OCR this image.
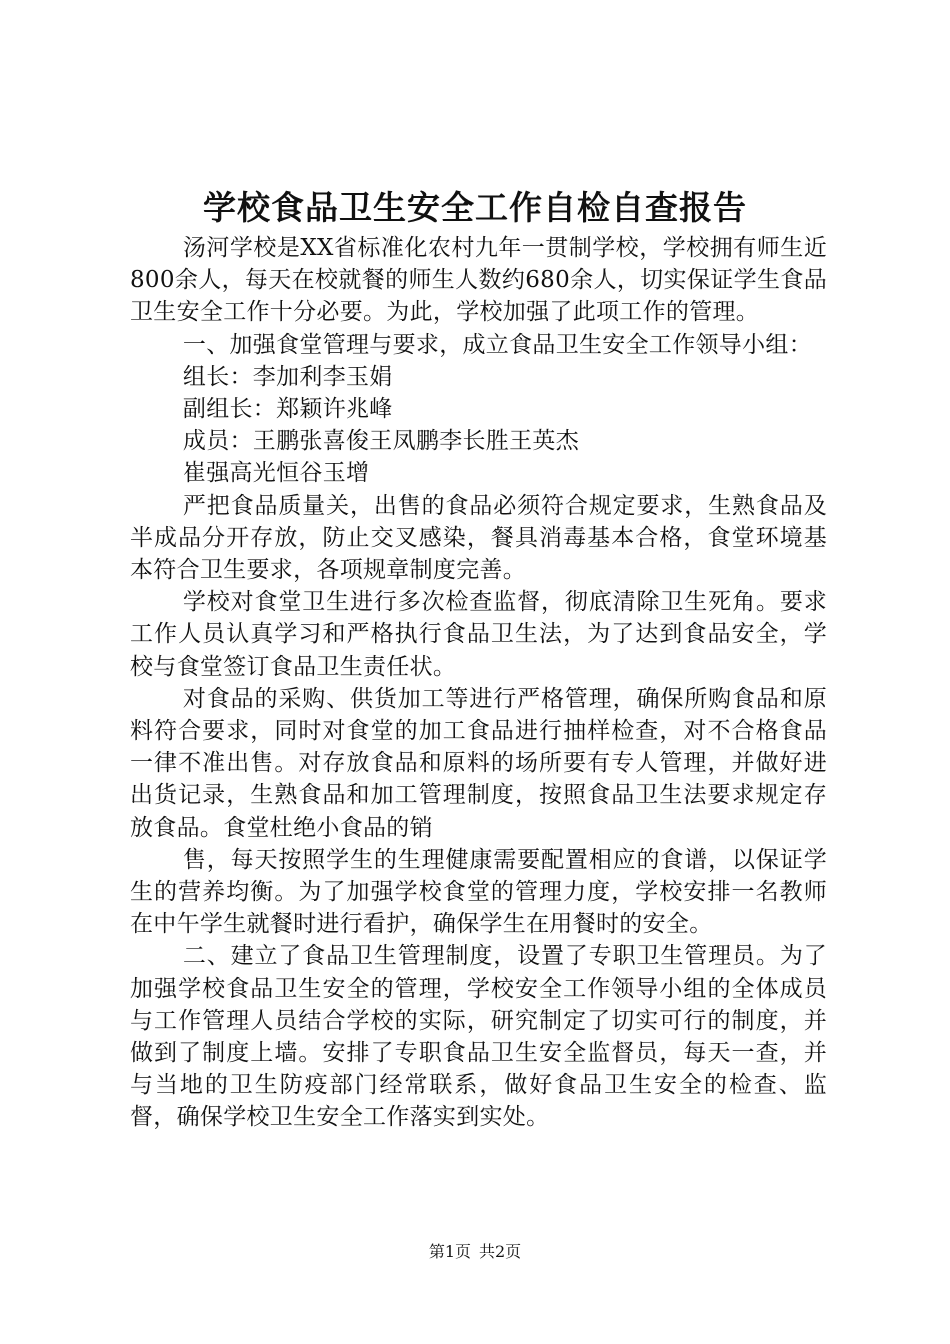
学校食品卫生安全工作自检自查报告

汤河学校是XX省标准化农村九年一贯制学校，学校拥有师生近800余人，每天在校就餐的师生人数约680余人，切实保证学生食品卫生安全工作十分必要。为此，学校加强了此项工作的管理。

一、加强食堂管理与要求，成立食品卫生安全工作领导小组：

组长：李加利李玉娟

副组长：郑颖许兆峰

成员：王鹏张喜俊王凤鹏李长胜王英杰

崔强高光恒谷玉增

严把食品质量关，出售的食品必须符合规定要求，生熟食品及半成品分开存放，防止交叉感染，餐具消毒基本合格，食堂环境基本符合卫生要求，各项规章制度完善。

学校对食堂卫生进行多次检查监督，彻底清除卫生死角。要求工作人员认真学习和严格执行食品卫生法，为了达到食品安全，学校与食堂签订食品卫生责任状。

对食品的采购、供货加工等进行严格管理，确保所购食品和原料符合要求，同时对食堂的加工食品进行抽样检查，对不合格食品一律不准出售。对存放食品和原料的场所要有专人管理，并做好进出货记录，生熟食品和加工管理制度，按照食品卫生法要求规定存放食品。食堂杜绝小食品的销

售，每天按照学生的生理健康需要配置相应的食谱，以保证学生的营养均衡。为了加强学校食堂的管理力度，学校安排一名教师在中午学生就餐时进行看护，确保学生在用餐时的安全。

二、建立了食品卫生管理制度，设置了专职卫生管理员。为了加强学校食品卫生安全的管理，学校安全工作领导小组的全体成员与工作管理人员结合学校的实际，研究制定了切实可行的制度，并做到了制度上墙。安排了专职食品卫生安全监督员，每天一查，并与当地的卫生防疫部门经常联系，做好食品卫生安全的检查、监督，确保学校卫生安全工作落实到实处。

第1页 共2页
